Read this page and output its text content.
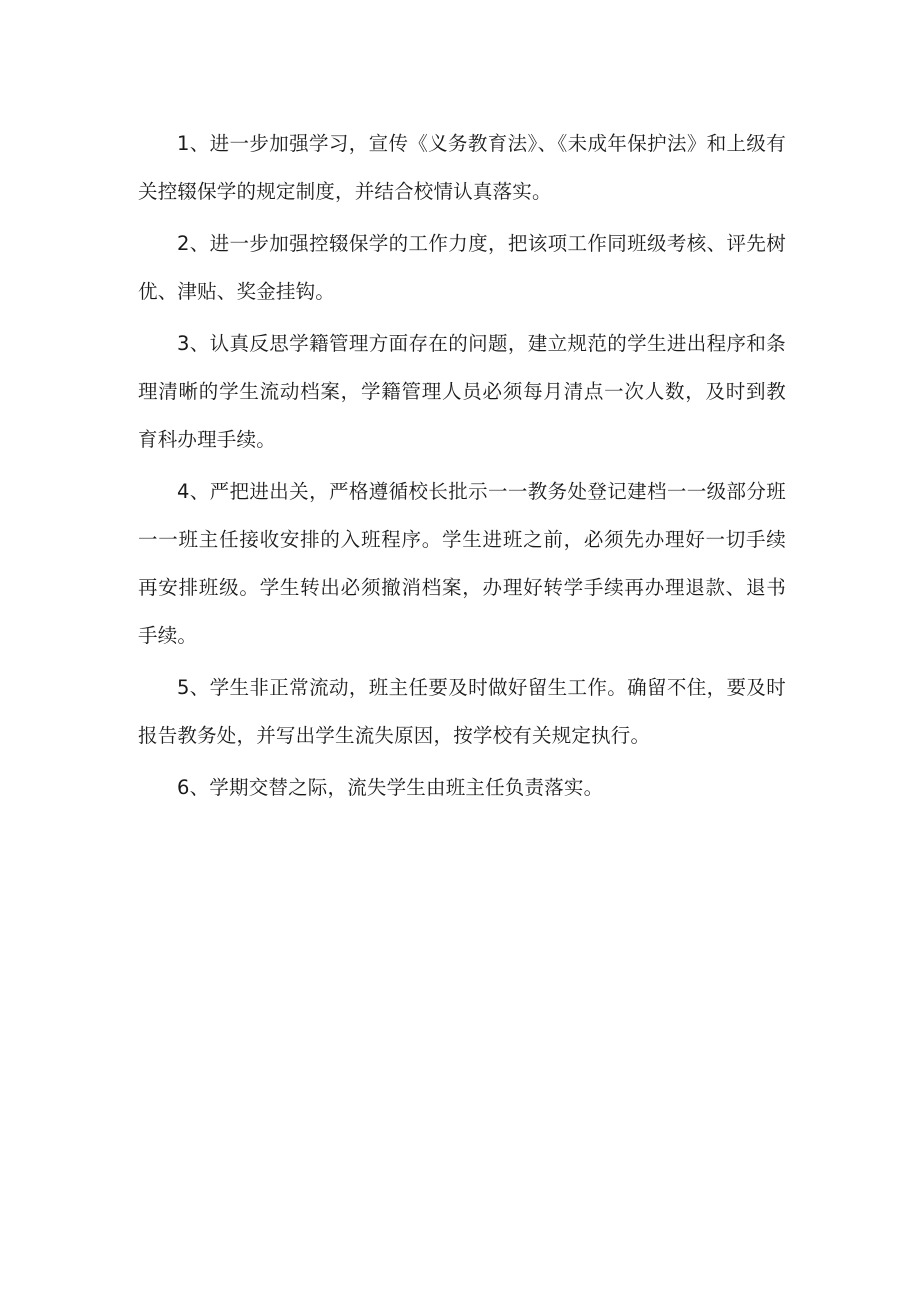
1、进一步加强学习，宣传《义务教育法》、《未成年保护法》和上级有关控辍保学的规定制度，并结合校情认真落实。

2、进一步加强控辍保学的工作力度，把该项工作同班级考核、评先树优、津贴、奖金挂钩。

3、认真反思学籍管理方面存在的问题，建立规范的学生进出程序和条理清晰的学生流动档案，学籍管理人员必须每月清点一次人数，及时到教育科办理手续。

4、严把进出关，严格遵循校长批示一一教务处登记建档一一级部分班一一班主任接收安排的入班程序。学生进班之前，必须先办理好一切手续再安排班级。学生转出必须撤消档案，办理好转学手续再办理退款、退书手续。

5、学生非正常流动，班主任要及时做好留生工作。确留不住，要及时报告教务处，并写出学生流失原因，按学校有关规定执行。

6、学期交替之际，流失学生由班主任负责落实。
